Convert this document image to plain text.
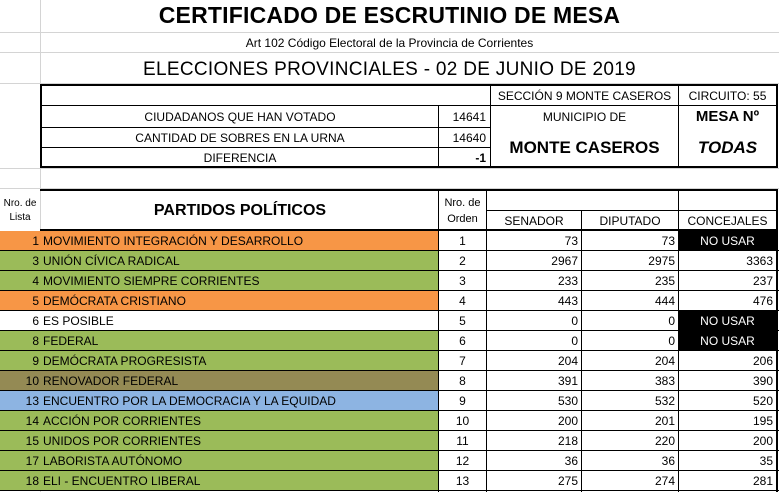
CERTIFICADO DE ESCRUTINIO DE MESA
Art 102 Código Electoral de la Provincia de Corrientes
ELECCIONES PROVINCIALES - 02 DE JUNIO DE 2019
SECCIÓN 9 MONTE CASEROS	CIRCUITO: 55
CIUDADANOS QUE HAN VOTADO	14641
CANTIDAD DE SOBRES EN LA URNA	14640
DIFERENCIA	-1
MUNICIPIO DE
MONTE CASEROS
MESA Nº
TODAS
Nro. de Lista	PARTIDOS POLÍTICOS	Nro. de Orden	SENADOR	DIPUTADO	CONCEJALES
1 MOVIMIENTO INTEGRACIÓN Y DESARROLLO	1	73	73	NO USAR
3 UNIÓN CÍVICA RADICAL	2	2967	2975	3363
4 MOVIMIENTO SIEMPRE CORRIENTES	3	233	235	237
5 DEMÓCRATA CRISTIANO	4	443	444	476
6 ES POSIBLE	5	0	0	NO USAR
8 FEDERAL	6	0	0	NO USAR
9 DEMÓCRATA PROGRESISTA	7	204	204	206
10 RENOVADOR FEDERAL	8	391	383	390
13 ENCUENTRO POR LA DEMOCRACIA Y LA EQUIDAD	9	530	532	520
14 ACCIÓN POR CORRIENTES	10	200	201	195
15 UNIDOS POR CORRIENTES	11	218	220	200
17 LABORISTA AUTÓNOMO	12	36	36	35
18 ELI - ENCUENTRO LIBERAL	13	275	274	281
